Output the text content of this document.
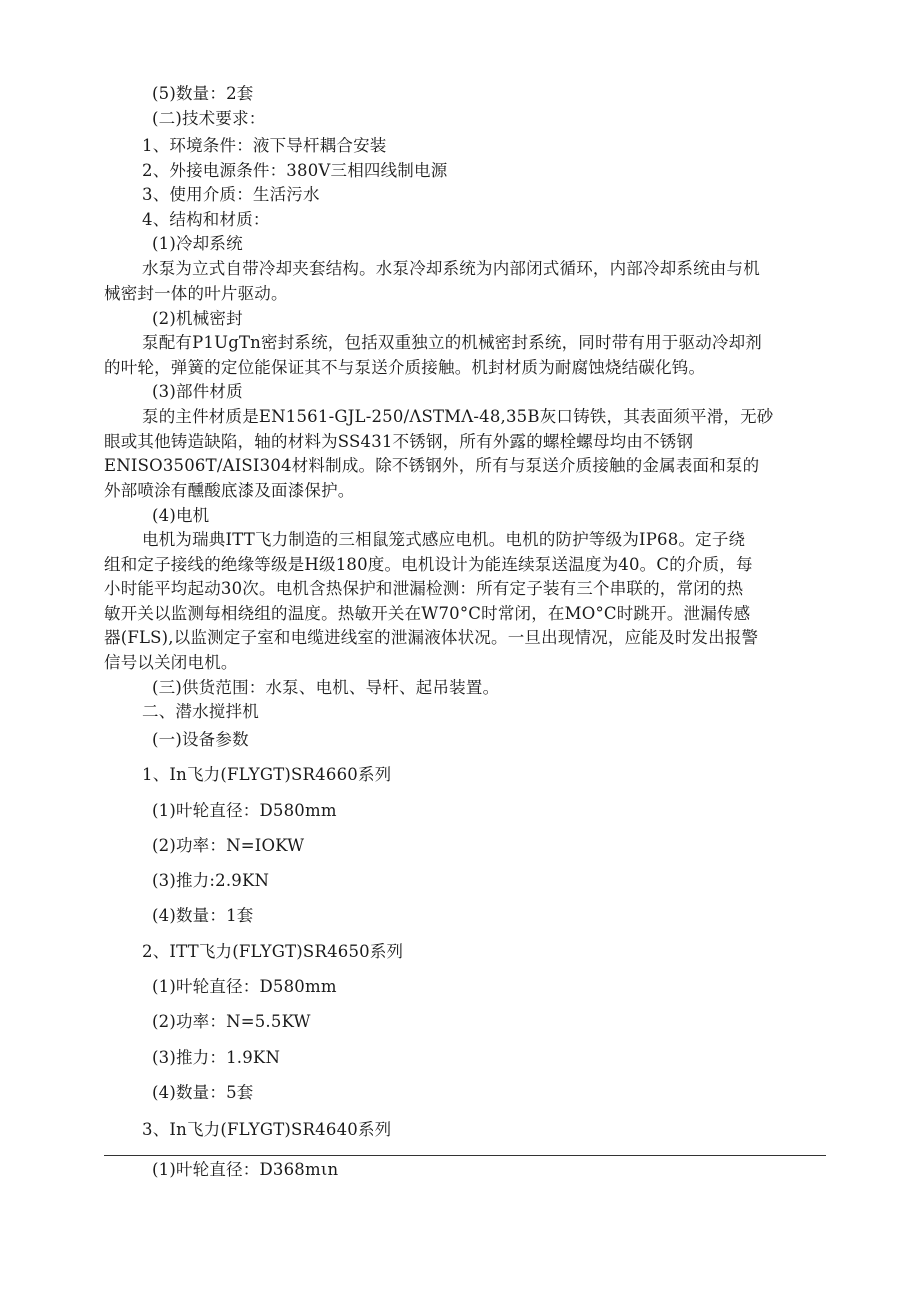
(5)数量：2套
(二)技术要求：
1、环境条件：液下导杆耦合安装
2、外接电源条件：380V三相四线制电源
3、使用介质：生活污水
4、结构和材质：
(1)冷却系统
水泵为立式自带冷却夹套结构。水泵冷却系统为内部闭式循环，内部冷却系统由与机
械密封一体的叶片驱动。
(2)机械密封
泵配有P1UgTn密封系统，包括双重独立的机械密封系统，同时带有用于驱动冷却剂
的叶轮，弹簧的定位能保证其不与泵送介质接触。机封材质为耐腐蚀烧结碳化钨。
(3)部件材质
泵的主件材质是EN1561-GJL-250/ΛSTMΛ-48,35B灰口铸铁，其表面须平滑，无砂
眼或其他铸造缺陷，轴的材料为SS431不锈钢，所有外露的螺栓螺母均由不锈钢
ENISO3506T/AISI304材料制成。除不锈钢外，所有与泵送介质接触的金属表面和泵的
外部喷涂有醺酸底漆及面漆保护。
(4)电机
电机为瑞典ITT飞力制造的三相鼠笼式感应电机。电机的防护等级为IP68。定子绕
组和定子接线的绝缘等级是H级180度。电机设计为能连续泵送温度为40。C的介质，每
小时能平均起动30次。电机含热保护和泄漏检测：所有定子装有三个串联的，常闭的热
敏开关以监测每相绕组的温度。热敏开关在W70°C时常闭，在MO°C时跳开。泄漏传感
器(FLS),以监测定子室和电缆进线室的泄漏液体状况。一旦出现情况，应能及时发出报警
信号以关闭电机。
(三)供货范围：水泵、电机、导杆、起吊装置。
二、潜水搅拌机
(一)设备参数
1、In飞力(FLYGT)SR4660系列
(1)叶轮直径：D580mm
(2)功率：N=IOKW
(3)推力:2.9KN
(4)数量：1套
2、ITT飞力(FLYGT)SR4650系列
(1)叶轮直径：D580mm
(2)功率：N=5.5KW
(3)推力：1.9KN
(4)数量：5套
3、In飞力(FLYGT)SR4640系列
(1)叶轮直径：D368mιn
